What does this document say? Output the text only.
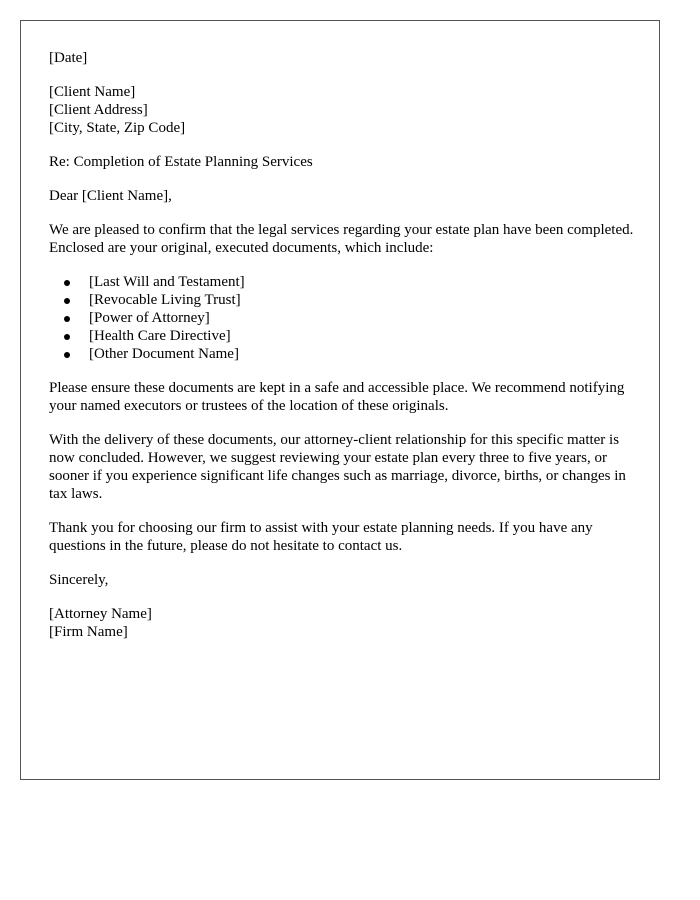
[Date]

[Client Name]
[Client Address]
[City, State, Zip Code]

Re: Completion of Estate Planning Services

Dear [Client Name],

We are pleased to confirm that the legal services regarding your estate plan have been completed. Enclosed are your original, executed documents, which include:

[Last Will and Testament]
[Revocable Living Trust]
[Power of Attorney]
[Health Care Directive]
[Other Document Name]

Please ensure these documents are kept in a safe and accessible place. We recommend notifying your named executors or trustees of the location of these originals.

With the delivery of these documents, our attorney-client relationship for this specific matter is now concluded. However, we suggest reviewing your estate plan every three to five years, or sooner if you experience significant life changes such as marriage, divorce, births, or changes in tax laws.

Thank you for choosing our firm to assist with your estate planning needs. If you have any questions in the future, please do not hesitate to contact us.

Sincerely,

[Attorney Name]
[Firm Name]
